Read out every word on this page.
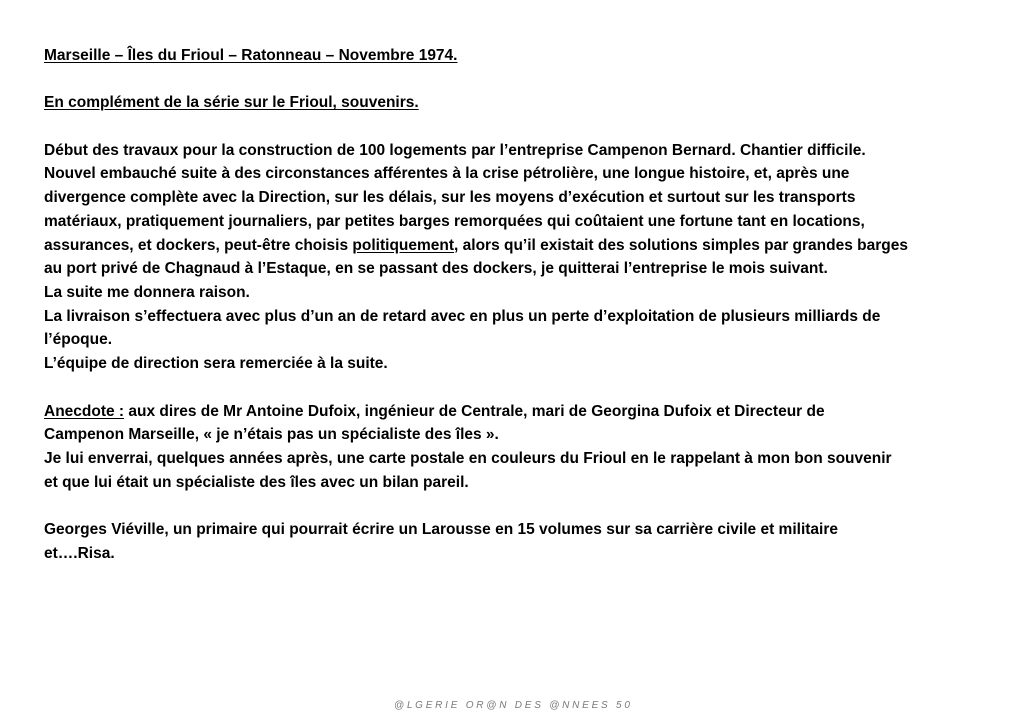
Marseille – Îles du Frioul – Ratonneau – Novembre 1974.
En complément de la série sur le Frioul, souvenirs.
Début des travaux pour la construction de 100 logements par l’entreprise Campenon Bernard. Chantier difficile.
Nouvel embauché suite à des circonstances afférentes à la crise pétrolière, une longue histoire, et, après une
divergence complète avec la Direction, sur les délais, sur les moyens d’exécution et surtout sur les transports
matériaux, pratiquement journaliers, par petites barges remorquées qui coûtaient une fortune tant en locations,
assurances, et dockers, peut-être choisis politiquement, alors qu’il existait des solutions simples par grandes barges
au port privé de Chagnaud à l’Estaque, en se passant des dockers, je quitterai l’entreprise le mois suivant.
La suite me donnera raison.
La livraison s’effectuera avec plus d’un an de retard avec en plus un perte d’exploitation de plusieurs milliards de
l’époque.
L’équipe de direction sera remerciée à la suite.
Anecdote : aux dires de Mr Antoine Dufoix, ingénieur de Centrale, mari de Georgina Dufoix et Directeur de
Campenon Marseille, « je n’étais pas un spécialiste des îles ».
Je lui enverrai, quelques années après, une carte postale en couleurs du Frioul en le rappelant à mon bon souvenir
et que lui était un spécialiste des îles avec un bilan pareil.
Georges Viéville, un primaire qui pourrait écrire un Larousse en 15 volumes sur sa carrière civile et militaire
et….Risa.
@ L G E R I E   O R @ N   D E S   @ N N E E S   5 0
